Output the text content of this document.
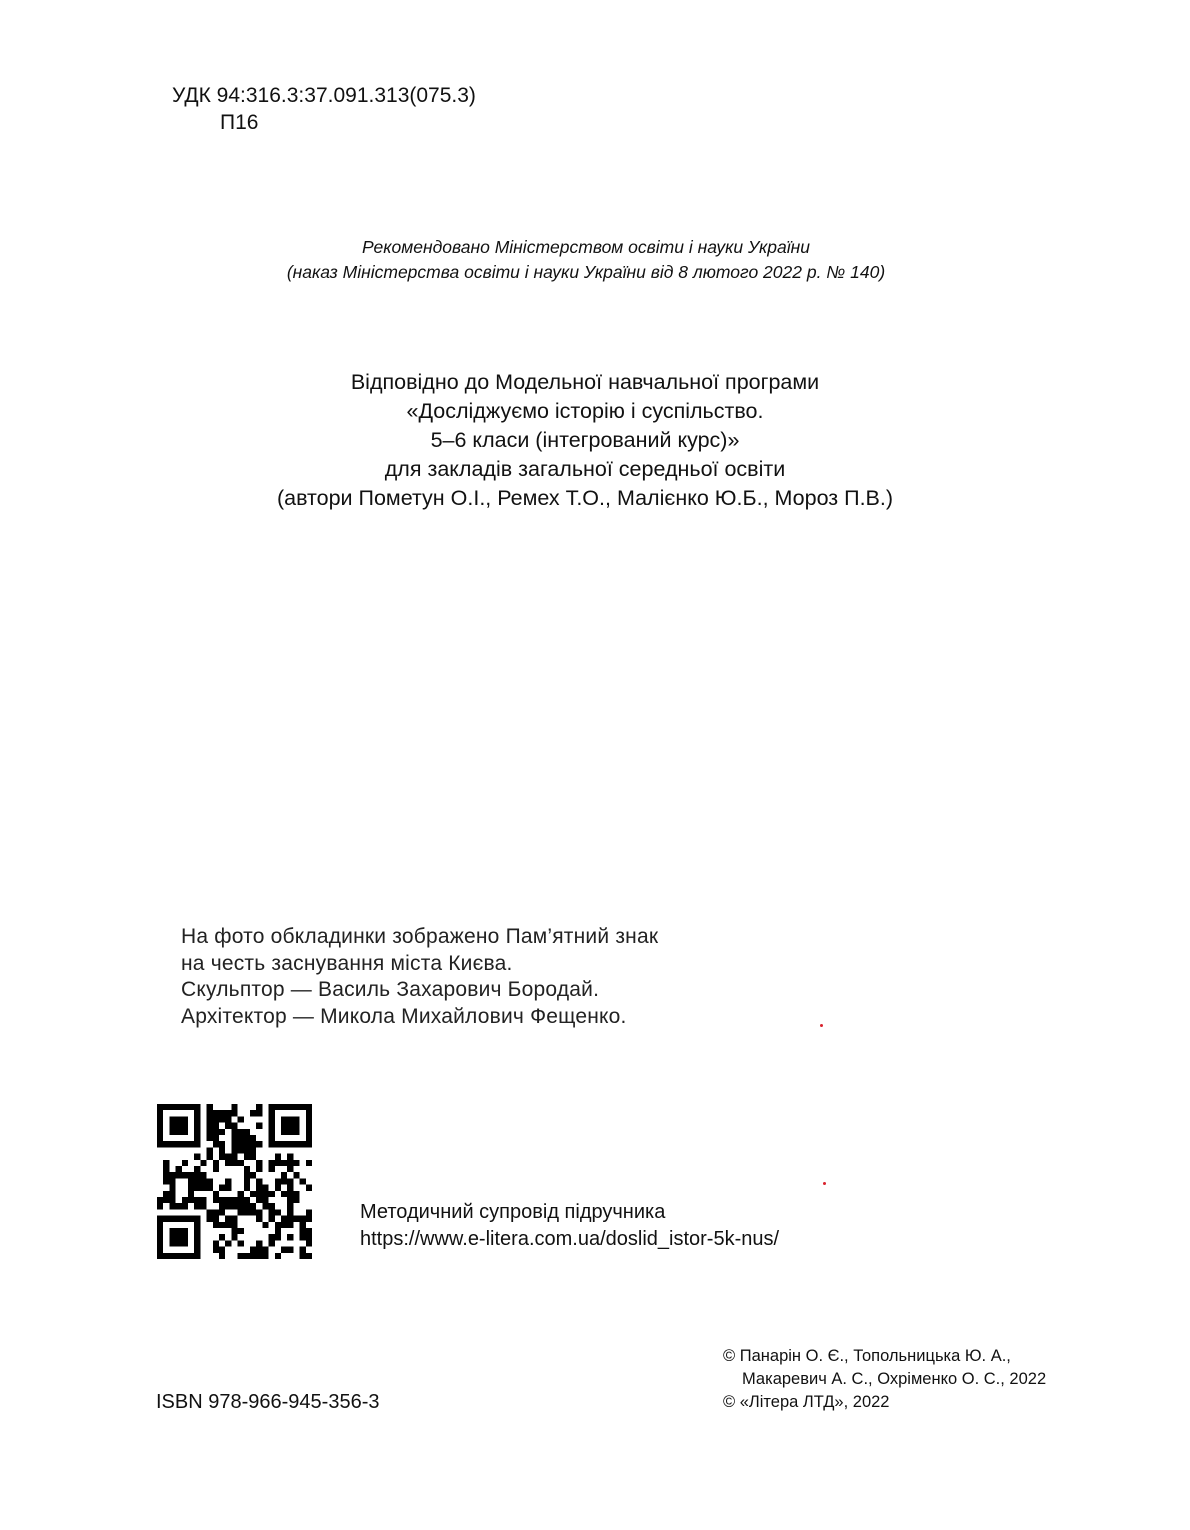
УДК 94:316.3:37.091.313(075.3)
П16
Рекомендовано Міністерством освіти і науки України
(наказ Міністерства освіти і науки України від 8 лютого 2022 р. № 140)
Відповідно до Модельної навчальної програми
«Досліджуємо історію і суспільство.
5–6 класи (інтегрований курс)»
для закладів загальної середньої освіти
(автори Пометун О.І., Ремех Т.О., Малієнко Ю.Б., Мороз П.В.)
На фото обкладинки зображено Пам’ятний знак
на честь заснування міста Києва.
Скульптор — Василь Захарович Бородай.
Архітектор — Микола Михайлович Фещенко.
Методичний супровід підручника
https://www.e-litera.com.ua/doslid_istor-5k-nus/
ISBN 978-966-945-356-3
© Панарін О. Є., Топольницька Ю. А.,
Макаревич А. С., Охріменко О. С., 2022
© «Літера ЛТД», 2022
